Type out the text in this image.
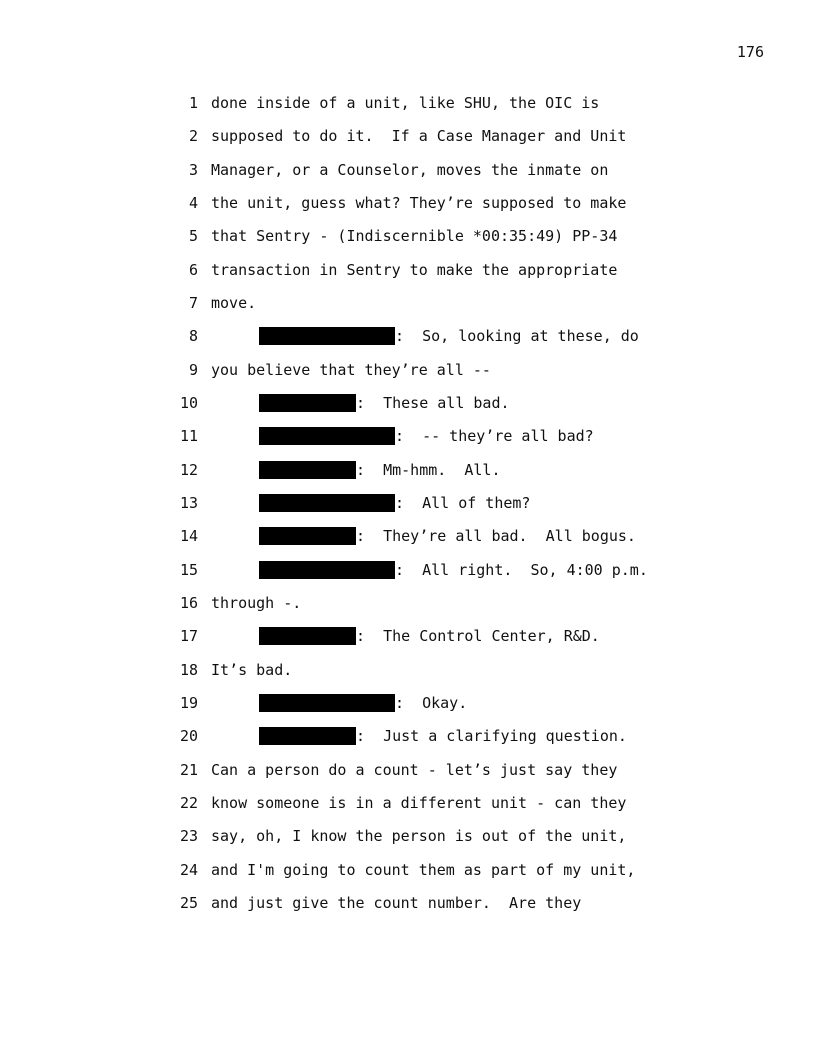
176
1 done inside of a unit, like SHU, the OIC is
2 supposed to do it.  If a Case Manager and Unit
3 Manager, or a Counselor, moves the inmate on
4 the unit, guess what? They’re supposed to make
5 that Sentry - (Indiscernible *00:35:49) PP-34
6 transaction in Sentry to make the appropriate
7 move.
8	:  So, looking at these, do
9 you believe that they’re all --
10	:  These all bad.
11	:  -- they’re all bad?
12	:  Mm-hmm.  All.
13	:  All of them?
14	:  They’re all bad.  All bogus.
15	:  All right.  So, 4:00 p.m.
16 through -.
17	:  The Control Center, R&D.
18 It’s bad.
19	:  Okay.
20	:  Just a clarifying question.
21 Can a person do a count - let’s just say they
22 know someone is in a different unit - can they
23 say, oh, I know the person is out of the unit,
24 and I'm going to count them as part of my unit,
25 and just give the count number.  Are they
